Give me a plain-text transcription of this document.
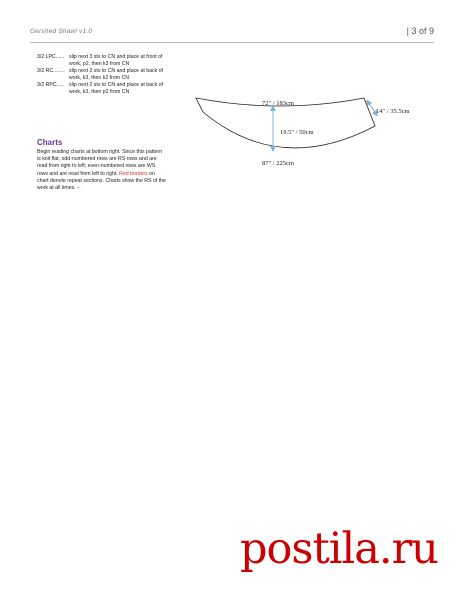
Gershed Shawl v1.0	| 3 of 9
3/2 LPC...... slip next 3 sts to CN and place at front of work, p2, then k3 from CN
3/2 RC........ slip next 2 sts to CN and place at back of work, k3, then k2 from CN
3/2 RPC..... slip next 2 sts to CN and place at back of work, k3, then p2 from CN
Charts
Begin reading charts at bottom right. Since this pattern is knit flat, odd-numbered rows are RS rows and are read from right to left; even-numbered rows are WS rows and are read from left to right. Red borders on chart denote repeat sections. Charts show the RS of the work at all times. ⇠
72" / 183cm
19.5" / 50cm
87" / 225cm
14" / 35.5cm
postila.ru
